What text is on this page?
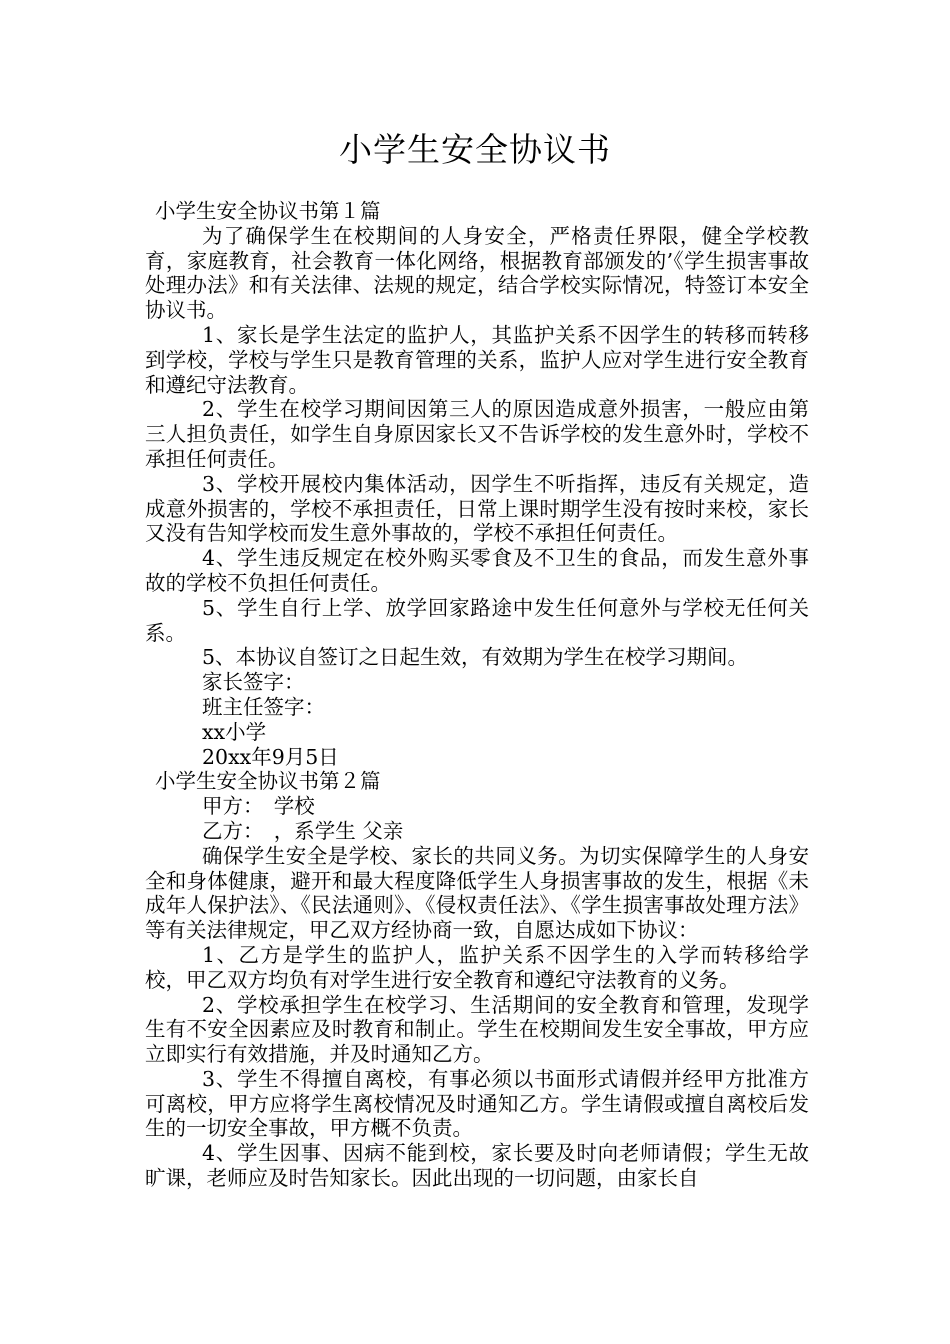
小学生安全协议书
小学生安全协议书第１篇

为了确保学生在校期间的人身安全，严格责任界限，健全学校教育，家庭教育，社会教育一体化网络，根据教育部颁发的’《学生损害事故处理办法》和有关法律、法规的规定，结合学校实际情况，特签订本安全协议书。

1、家长是学生法定的监护人，其监护关系不因学生的转移而转移到学校，学校与学生只是教育管理的关系，监护人应对学生进行安全教育和遵纪守法教育。

2、学生在校学习期间因第三人的原因造成意外损害，一般应由第三人担负责任，如学生自身原因家长又不告诉学校的发生意外时，学校不承担任何责任。

3、学校开展校内集体活动，因学生不听指挥，违反有关规定，造成意外损害的，学校不承担责任，日常上课时期学生没有按时来校，家长又没有告知学校而发生意外事故的，学校不承担任何责任。

4、学生违反规定在校外购买零食及不卫生的食品，而发生意外事故的学校不负担任何责任。

5、学生自行上学、放学回家路途中发生任何意外与学校无任何关系。

5、本协议自签订之日起生效，有效期为学生在校学习期间。

家长签字：

班主任签字：

xx小学

20xx年9月5日

小学生安全协议书第２篇

甲方：　学校

乙方：　，系学生 父亲

确保学生安全是学校、家长的共同义务。为切实保障学生的人身安全和身体健康，避开和最大程度降低学生人身损害事故的发生，根据《未成年人保护法》、《民法通则》、《侵权责任法》、《学生损害事故处理方法》等有关法律规定，甲乙双方经协商一致，自愿达成如下协议：

1、乙方是学生的监护人，监护关系不因学生的入学而转移给学校，甲乙双方均负有对学生进行安全教育和遵纪守法教育的义务。

2、学校承担学生在校学习、生活期间的安全教育和管理，发现学生有不安全因素应及时教育和制止。学生在校期间发生安全事故，甲方应立即实行有效措施，并及时通知乙方。

3、学生不得擅自离校，有事必须以书面形式请假并经甲方批准方可离校，甲方应将学生离校情况及时通知乙方。学生请假或擅自离校后发生的一切安全事故，甲方概不负责。

4、学生因事、因病不能到校，家长要及时向老师请假；学生无故旷课，老师应及时告知家长。因此出现的一切问题，由家长自
